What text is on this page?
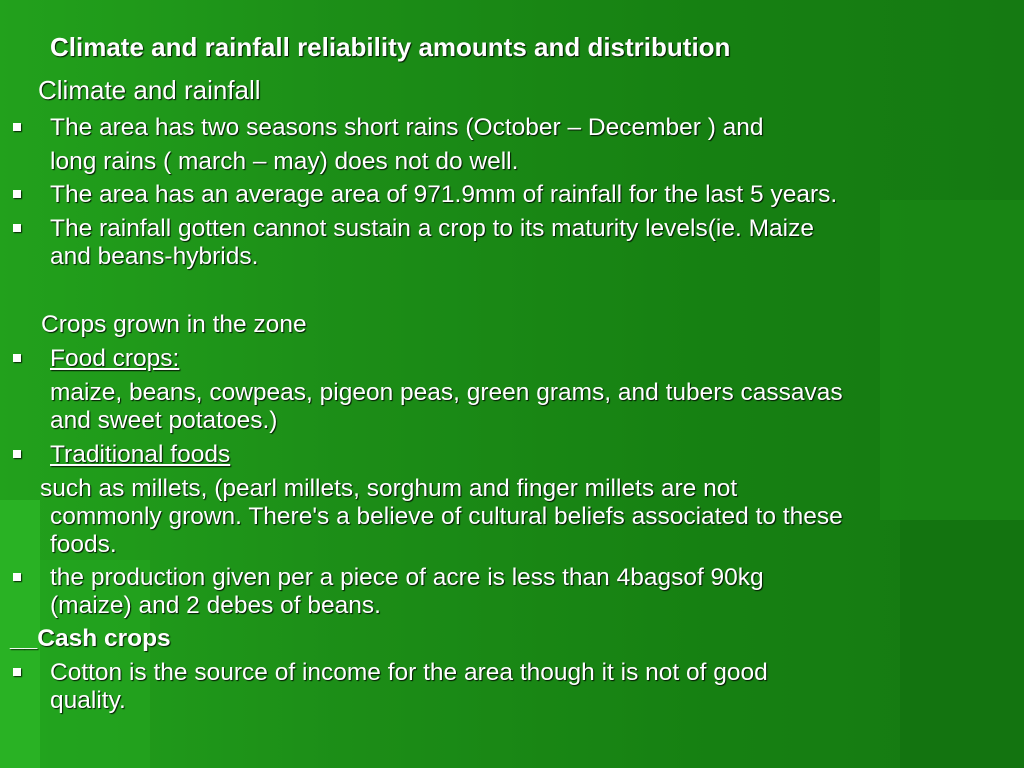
Climate and rainfall reliability amounts and distribution
Climate and rainfall
The area has two seasons short rains (October – December ) and
long rains ( march – may) does not do well.
The area has an average area of 971.9mm of rainfall for the last 5 years.
The rainfall gotten cannot sustain a crop to its maturity levels(ie. Maize
and beans-hybrids.
Crops grown in the zone
Food crops:
maize, beans, cowpeas, pigeon peas, green grams, and tubers cassavas
and sweet potatoes.)
Traditional foods
such as millets, (pearl millets, sorghum and finger millets are not
commonly grown. There's a believe of cultural beliefs associated to these
foods.
the production given per a piece of acre is less than 4bagsof 90kg
(maize) and 2 debes of beans.
__Cash crops
Cotton is the source of income for the area though it is not of good
quality.
